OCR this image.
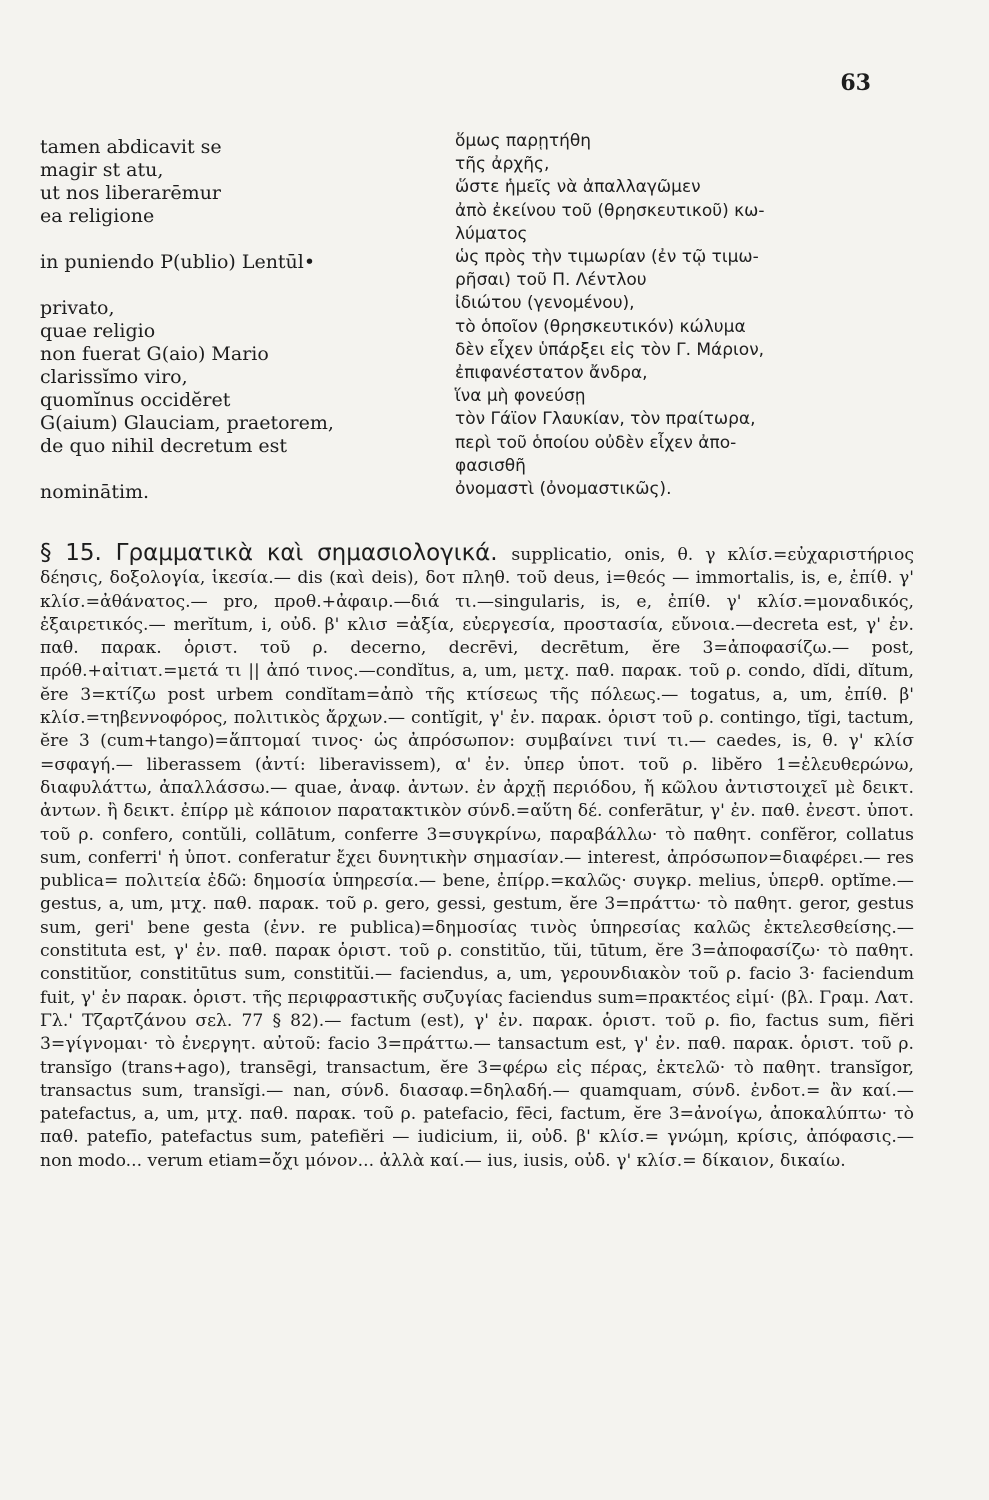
63
tamen abdicavit se
magir st atu,
ut nos liberarēmur
ea religione
in puniendo P(ublio) Lentūl•
privato,
quae religio
non fuerat G(aio) Mario
clarissĭmo viro,
quomĭnus occidĕret
G(aium) Glauciam, praetorem,
de quo nihil decretum est
nominātim.
ὅμως παρῃτήθη
τῆς ἀρχῆς,
ὥστε ἡμεῖς νὰ ἀπαλλαγῶμεν
ἀπὸ ἐκείνου τοῦ (θρησκευτικοῦ) κω-
λύματος
ὡς πρὸς τὴν τιμωρίαν (ἐν τῷ τιμω-
ρῆσαι) τοῦ Π. Λέντλου
ἰδιώτου (γενομένου),
τὸ ὁποῖον (θρησκευτικόν) κώλυμα
δὲν εἶχεν ὑπάρξει εἰς τὸν Γ. Μάριον,
ἐπιφανέστατον ἄνδρα,
ἵνα μὴ φονεύσῃ
τὸν Γάϊον Γλαυκίαν, τὸν πραίτωρα,
περὶ τοῦ ὁποίου οὐδὲν εἶχεν ἀπο-
φασισθῆ
ὀνομαστὶ (ὀνομαστικῶς).
§ 15. Γραμματικὰ καὶ σημασιολογικά. supplicatio, onis, θ. γ κλίσ.=εὐχαριστήριος δέησις, δοξολογία, ἱκεσία.— dis (καὶ deis), δοτ πληθ. τοῦ deus, i=θεός — immortalis, is, e, ἐπίθ. γ' κλίσ.=ἀθάνατος.— pro, προθ.+ἀφαιρ.—διά τι.—singularis, is, e, ἐπίθ. γ' κλίσ.=μοναδικός, ἐξαιρετικός.— merĭtum, i, οὐδ. β' κλισ =ἀξία, εὐεργεσία, προστασία, εὔνοια.—decreta est, γ' ἐν. παθ. παρακ. ὁριστ. τοῦ ρ. decerno, decrēvi, decrētum, ĕre 3=ἀποφασίζω.— post, πρόθ.+αἰτιατ.=μετά τι || ἀπό τινος.—condĭtus, a, um, μετχ. παθ. παρακ. τοῦ ρ. condo, dĭdi, dĭtum, ĕre 3=κτίζω post urbem condĭtam=ἀπὸ τῆς κτίσεως τῆς πόλεως.— togatus, a, um, ἐπίθ. β' κλίσ.=τηβεννοφόρος, πολιτικὸς ἄρχων.— contĭgit, γ' ἐν. παρακ. ὁριστ τοῦ ρ. contingo, tĭgi, tactum, ĕre 3 (cum+tango)=ἅπτομαί τινος· ὡς ἀπρόσωπον: συμβαίνει τινί τι.— caedes, is, θ. γ' κλίσ =σφαγή.— liberassem (ἀντί: liberavissem), α' ἐν. ὑπερ ὑποτ. τοῦ ρ. libĕro 1=ἐλευθερώνω, διαφυλάττω, ἀπαλλάσσω.— quae, ἀναφ. ἀντων. ἐν ἀρχῇ περιόδου, ἤ κῶλου ἀντιστοιχεῖ μὲ δεικτ. ἀντων. ἢ δεικτ. ἐπίρρ μὲ κάποιον παρατακτικὸν σύνδ.=αὕτη δέ. conferātur, γ' ἐν. παθ. ἐνεστ. ὑποτ. τοῦ ρ. confero, contŭli, collātum, conferre 3=συγκρίνω, παραβάλλω· τὸ παθητ. confĕror, collatus sum, conferri' ἡ ὑποτ. conferatur ἔχει δυνητικὴν σημασίαν.— interest, ἀπρόσωπον=διαφέρει.— res publica= πολιτεία ἐδῶ: δημοσία ὑπηρεσία.— bene, ἐπίρρ.=καλῶς· συγκρ. melius, ὑπερθ. optĭme.— gestus, a, um, μτχ. παθ. παρακ. τοῦ ρ. gero, gessi, gestum, ĕre 3=πράττω· τὸ παθητ. geror, gestus sum, geri' bene gesta (ἐνν. re publica)=δημοσίας τινὸς ὑπηρεσίας καλῶς ἐκτελεσθείσης.— constituta est, γ' ἐν. παθ. παρακ ὁριστ. τοῦ ρ. constitŭo, tŭi, tūtum, ĕre 3=ἀποφασίζω· τὸ παθητ. constitŭor, constitūtus sum, constitŭi.— faciendus, a, um, γερουνδιακὸν τοῦ ρ. facio 3· faciendum fuit, γ' ἐν παρακ. ὁριστ. τῆς περιφραστικῆς συζυγίας faciendus sum=πρακτέος εἰμί· (βλ. Γραμ. Λατ. Γλ.' Τζαρτζάνου σελ. 77 § 82).— factum (est), γ' ἐν. παρακ. ὁριστ. τοῦ ρ. fio, factus sum, fiĕri 3=γίγνομαι· τὸ ἐνεργητ. αὐτοῦ: facio 3=πράττω.— tansactum est, γ' ἐν. παθ. παρακ. ὁριστ. τοῦ ρ. transĭgo (trans+ago), transēgi, transactum, ĕre 3=φέρω εἰς πέρας, ἐκτελῶ· τὸ παθητ. transĭgor, transactus sum, transĭgi.— nan, σύνδ. διασαφ.=δηλαδή.— quamquam, σύνδ. ἐνδοτ.= ἂν καί.— patefactus, a, um, μτχ. παθ. παρακ. τοῦ ρ. patefacio, fēci, factum, ĕre 3=ἀνοίγω, ἀποκαλύπτω· τὸ παθ. patefīo, patefactus sum, patefiĕri — iudicium, ii, οὐδ. β' κλίσ.= γνώμη, κρίσις, ἀπόφασις.— non modo... verum etiam=ὄχι μόνον... ἀλλὰ καί.— ius, iusis, οὐδ. γ' κλίσ.= δίκαιον, δικαίω.
